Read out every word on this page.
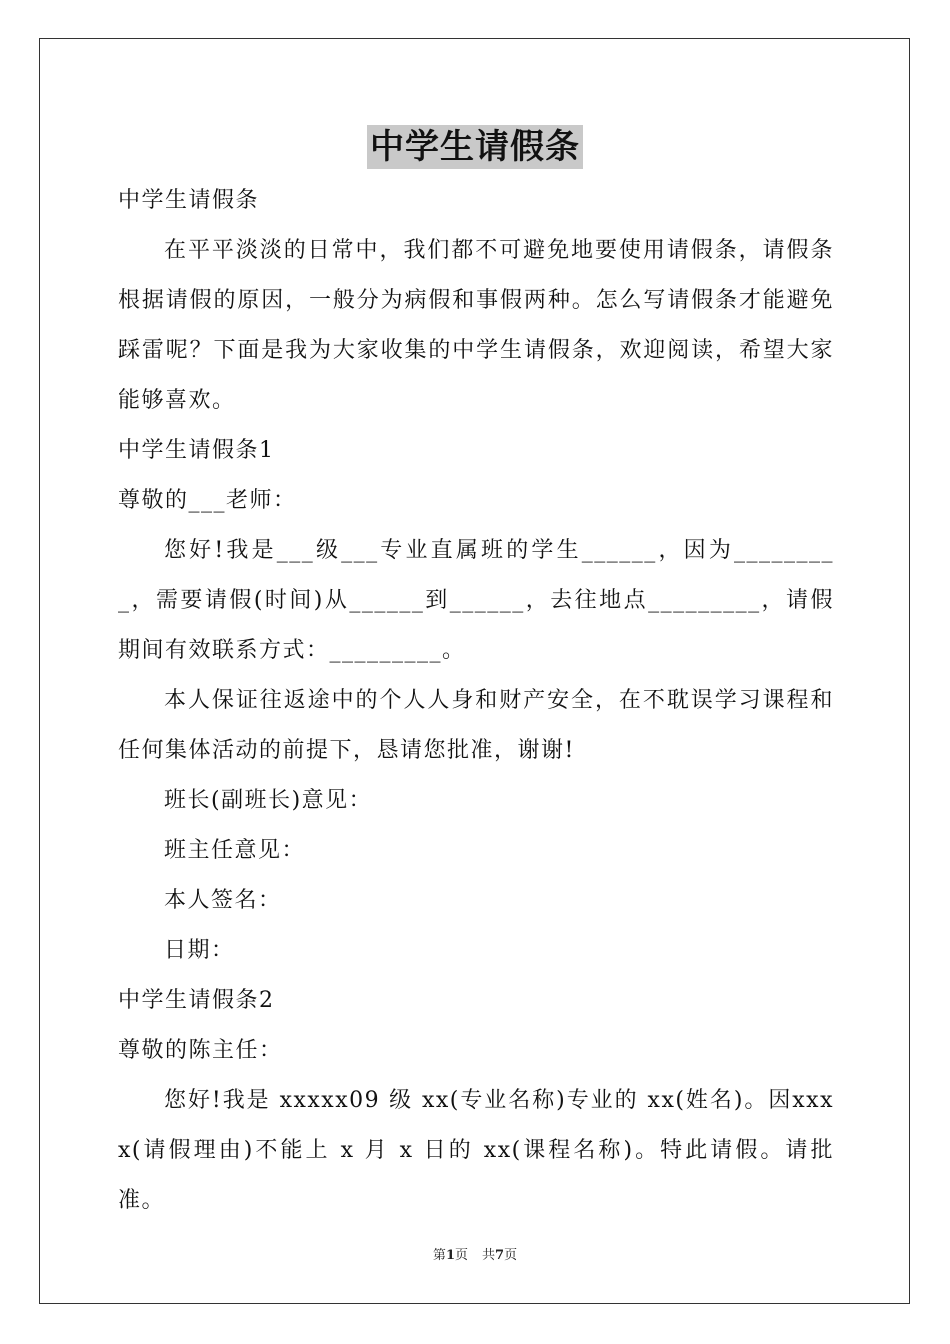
中学生请假条

中学生请假条

在平平淡淡的日常中，我们都不可避免地要使用请假条，请假条根据请假的原因，一般分为病假和事假两种。怎么写请假条才能避免踩雷呢？下面是我为大家收集的中学生请假条，欢迎阅读，希望大家能够喜欢。

中学生请假条1

尊敬的___老师：

您好!我是___级___专业直属班的学生______，因为_________，需要请假(时间)从______到______，去往地点_________，请假期间有效联系方式：_________。

本人保证往返途中的个人人身和财产安全，在不耽误学习课程和任何集体活动的前提下，恳请您批准，谢谢!

班长(副班长)意见：

班主任意见：

本人签名：

日期：

中学生请假条2

尊敬的陈主任：

您好!我是 xxxxx09 级 xx(专业名称)专业的 xx(姓名)。因xxxx(请假理由)不能上 x 月 x 日的 xx(课程名称)。特此请假。请批准。

第1页 共7页
